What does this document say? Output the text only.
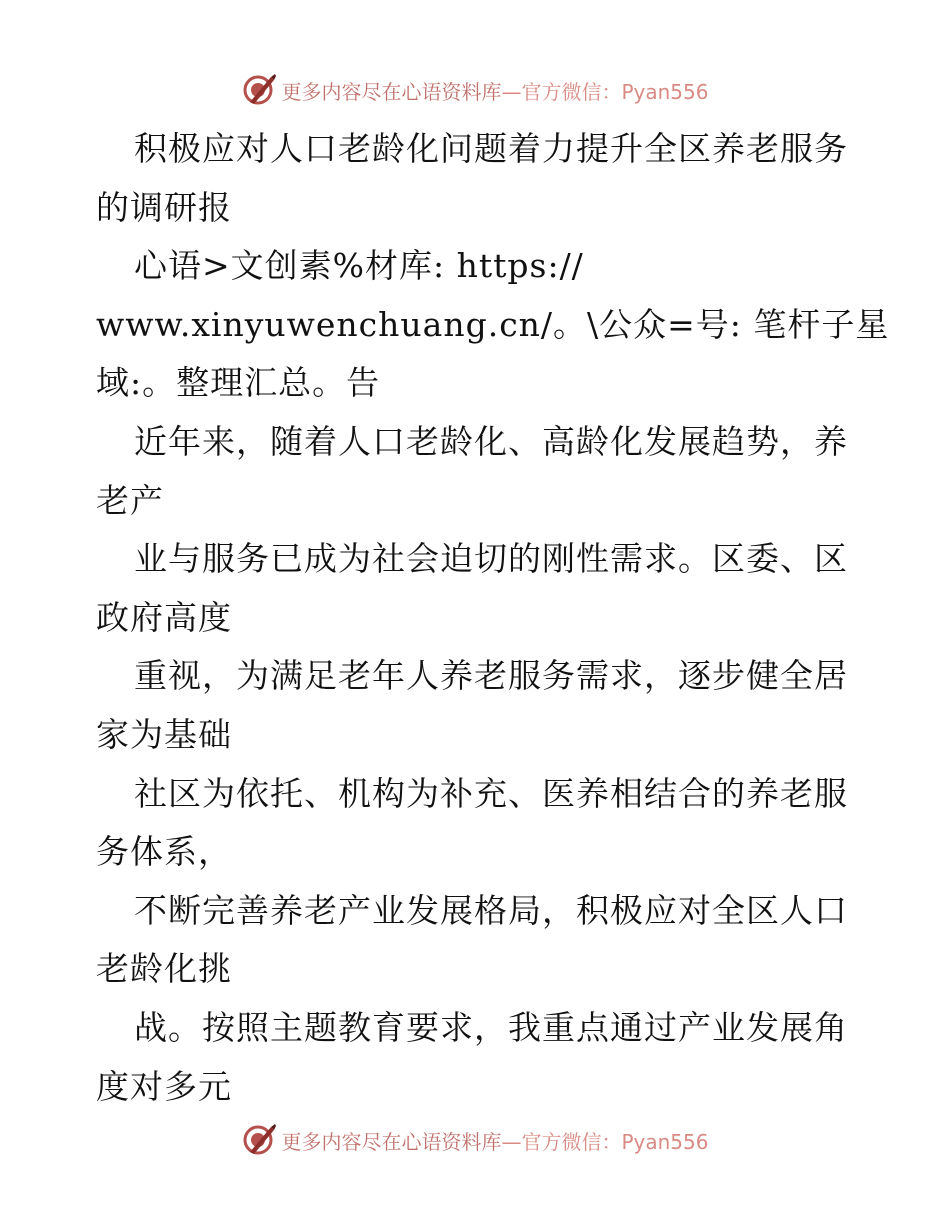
更多内容尽在心语资料库—官方微信：Pyan556
积极应对人口老龄化问题着力提升全区养老服务
的调研报
心语>文创素%材库: https://
www.xinyuwenchuang.cn/。\公众=号: 笔杆子星
域:。整理汇总。告
近年来，随着人口老龄化、高龄化发展趋势，养
老产
业与服务已成为社会迫切的刚性需求。区委、区
政府高度
重视，为满足老年人养老服务需求，逐步健全居
家为基础
社区为依托、机构为补充、医养相结合的养老服
务体系，
不断完善养老产业发展格局，积极应对全区人口
老龄化挑
战。按照主题教育要求，我重点通过产业发展角
度对多元
更多内容尽在心语资料库—官方微信：Pyan556
